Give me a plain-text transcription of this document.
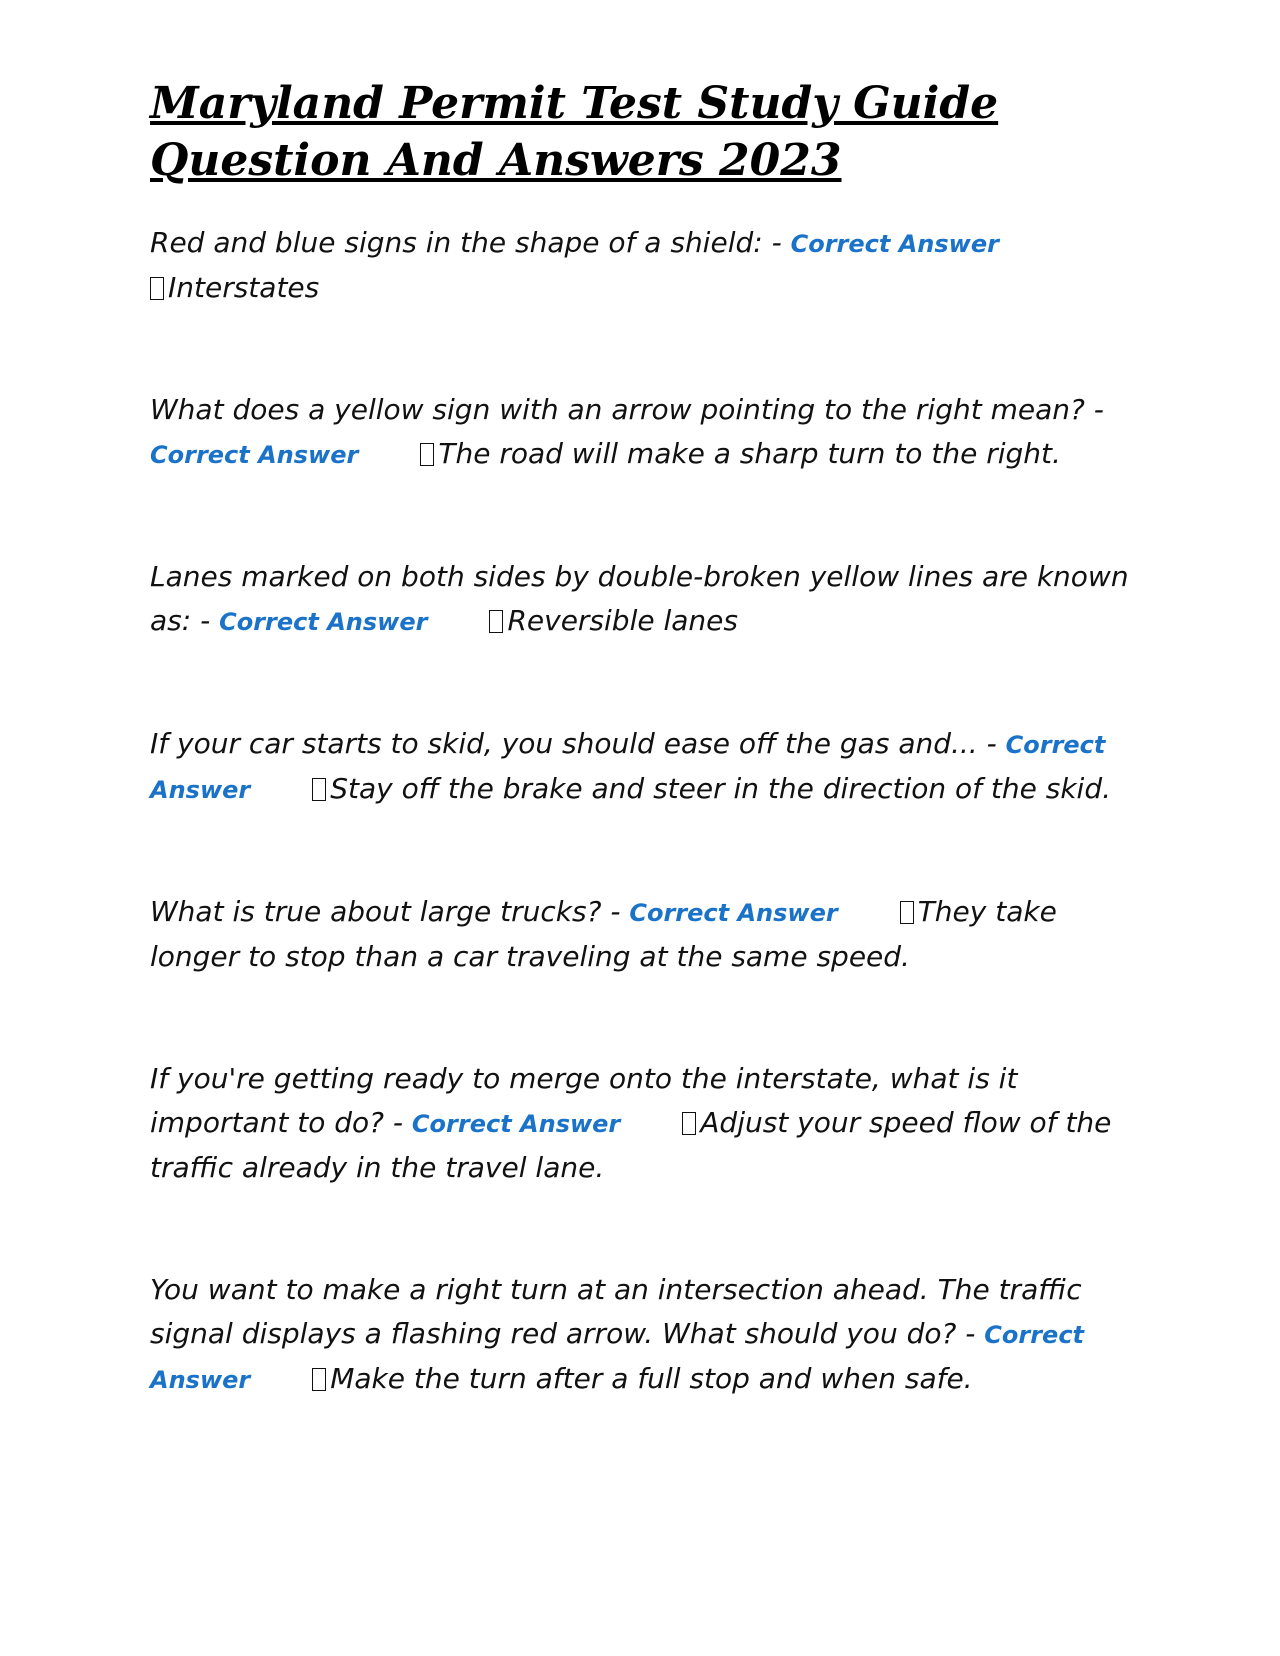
Maryland Permit Test Study Guide Question And Answers 2023
Red and blue signs in the shape of a shield: - Correct Answer
Interstates
What does a yellow sign with an arrow pointing to the right mean? - Correct Answer	The road will make a sharp turn to the right.
Lanes marked on both sides by double-broken yellow lines are known as: - Correct Answer	Reversible lanes
If your car starts to skid, you should ease off the gas and... - Correct Answer	Stay off the brake and steer in the direction of the skid.
What is true about large trucks? - Correct Answer	They take longer to stop than a car traveling at the same speed.
If you're getting ready to merge onto the interstate, what is it important to do? - Correct Answer	Adjust your speed flow of the traffic already in the travel lane.
You want to make a right turn at an intersection ahead. The traffic signal displays a flashing red arrow. What should you do? - Correct Answer	Make the turn after a full stop and when safe.
